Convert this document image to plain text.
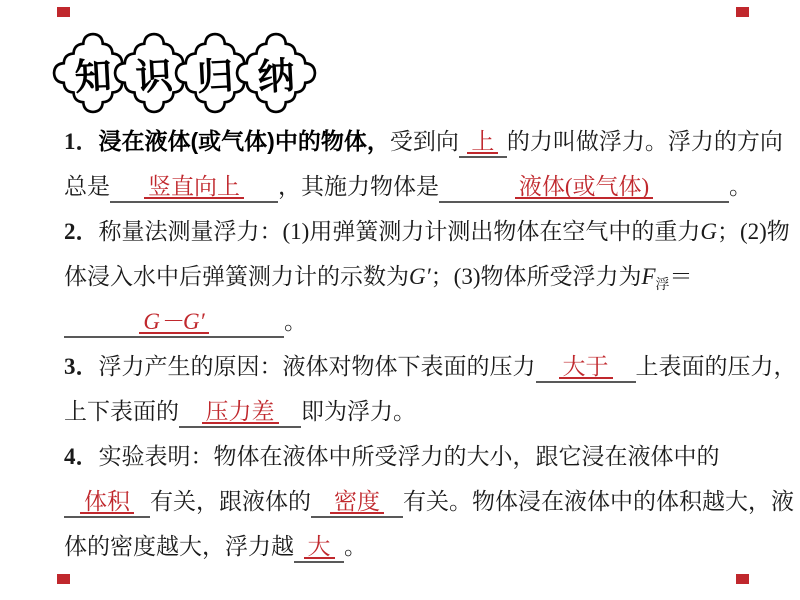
知 识 归 纳
1．浸在液体(或气体)中的物体，受到向 上 的力叫做浮力。浮力的方向
总是 竖直向上 ，其施力物体是	液体(或气体)	。
2．称量法测量浮力：(1)用弹簧测力计测出物体在空气中的重力G；(2)物
体浸入水中后弹簧测力计的示数为G′；(3)物体所受浮力为$F_浮=$
G－G′	。
3．浮力产生的原因：液体对物体下表面的压力 大于 上表面的压力，
上下表面的 压力差 即为浮力。
4．实验表明：物体在液体中所受浮力的大小，跟它浸在液体中的
体积 有关，跟液体的 密度 有关。物体浸在液体中的体积越大，液
体的密度越大，浮力越 大 。
